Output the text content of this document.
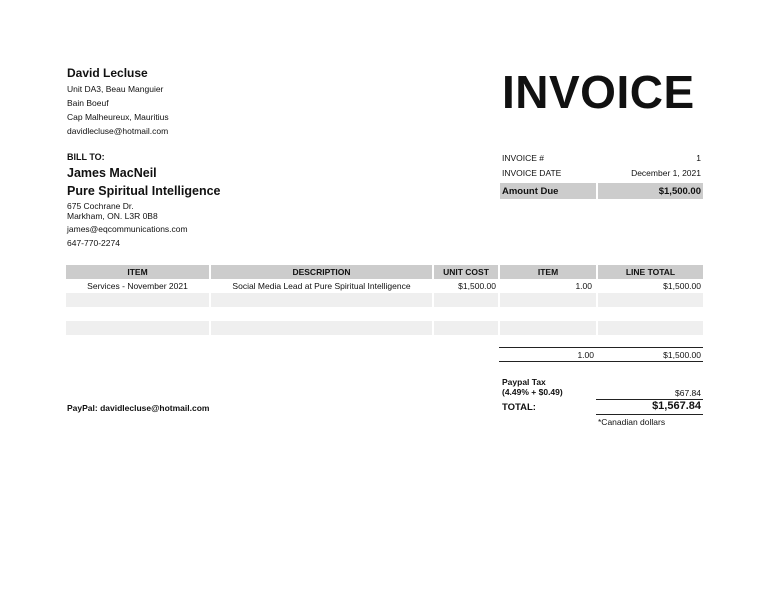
David Lecluse
Unit DA3, Beau Manguier
Bain Boeuf
Cap Malheureux, Mauritius
davidlecluse@hotmail.com
INVOICE
BILL TO:
James MacNeil
Pure Spiritual Intelligence
675 Cochrane Dr.
Markham, ON. L3R 0B8
james@eqcommunications.com
647-770-2274
INVOICE #	1
INVOICE DATE	December 1, 2021
Amount Due	$1,500.00
ITEM	DESCRIPTION	UNIT COST	ITEM	LINE TOTAL
Services - November 2021	Social Media Lead at Pure Spiritual Intelligence	$1,500.00	1.00	$1,500.00
1.00	$1,500.00
Paypal Tax
(4.49% + $0.49)	$67.84
TOTAL:	$1,567.84
*Canadian dollars
PayPal: davidlecluse@hotmail.com
